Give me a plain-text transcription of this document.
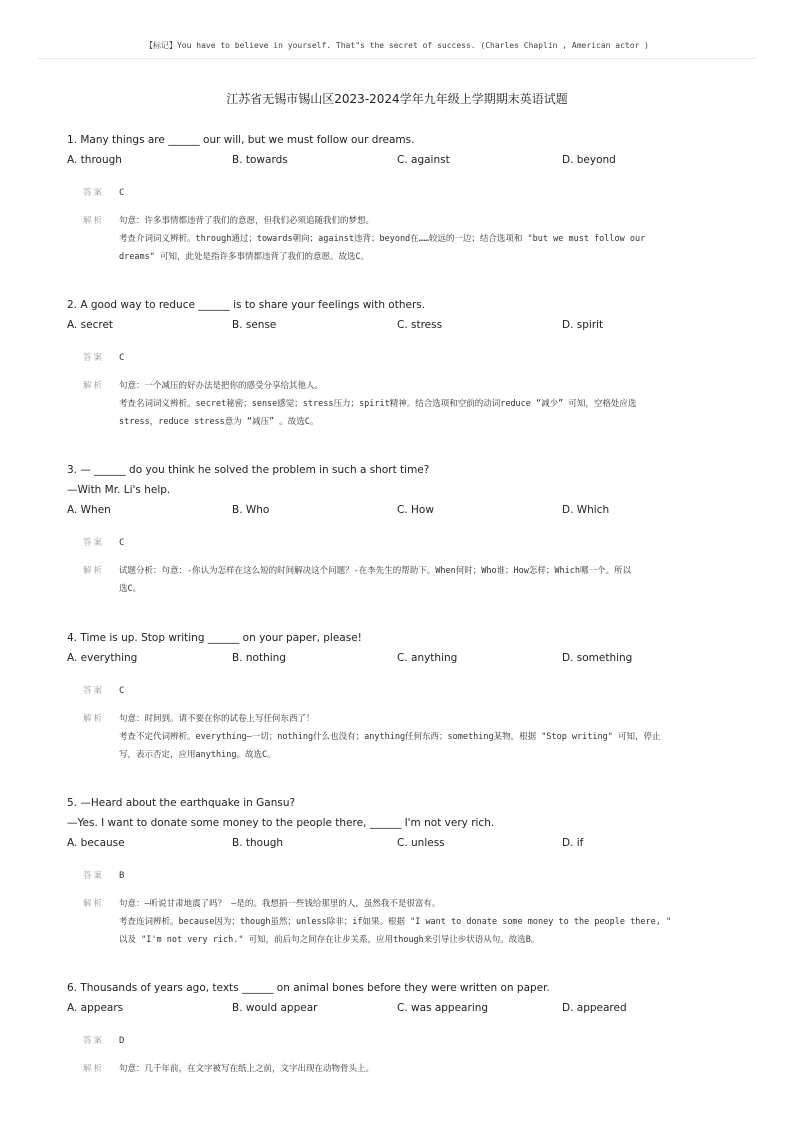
【标记】You have to believe in yourself. That"s the secret of success. (Charles Chaplin , American actor )
江苏省无锡市锡山区2023-2024学年九年级上学期期末英语试题
1. Many things are ______ our will, but we must follow our dreams.
A. through	B. towards	C. against	D. beyond
答案	C
解析	句意：许多事情都违背了我们的意愿，但我们必须追随我们的梦想。
考查介词词义辨析。through通过；towards朝向；against违背；beyond在……较远的一边；结合选项和 "but we must follow our
dreams" 可知，此处是指许多事情都违背了我们的意愿。故选C。
2. A good way to reduce ______ is to share your feelings with others.
A. secret	B. sense	C. stress	D. spirit
答案	C
解析	句意：一个减压的好办法是把你的感受分享给其他人。
考查名词词义辨析。secret秘密；sense感觉；stress压力；spirit精神。结合选项和空前的动词reduce “减少” 可知，空格处应选
stress，reduce stress意为 “减压” 。故选C。
3. — ______ do you think he solved the problem in such a short time?
—With Mr. Li's help.
A. When	B. Who	C. How	D. Which
答案	C
解析	试题分析：句意：-你认为怎样在这么短的时间解决这个问题？-在李先生的帮助下。When何时；Who谁；How怎样；Which哪一个。所以
选C。
4. Time is up. Stop writing ______ on your paper, please!
A. everything	B. nothing	C. anything	D. something
答案	C
解析	句意：时间到。请不要在你的试卷上写任何东西了！
考查不定代词辨析。everything—一切；nothing什么也没有；anything任何东西；something某物。根据 "Stop writing" 可知，停止
写，表示否定，应用anything。故选C。
5. —Heard about the earthquake in Gansu?
—Yes. I want to donate some money to the people there, ______ I'm not very rich.
A. because	B. though	C. unless	D. if
答案	B
解析	句意：—听说甘肃地震了吗？ —是的。我想捐一些钱给那里的人，虽然我不是很富有。
考查连词辨析。because因为；though虽然；unless除非；if如果。根据 "I want to donate some money to the people there, "
以及 "I'm not very rich." 可知，前后句之间存在让步关系，应用though来引导让步状语从句。故选B。
6. Thousands of years ago, texts ______ on animal bones before they were written on paper.
A. appears	B. would appear	C. was appearing	D. appeared
答案	D
解析	句意：几千年前，在文字被写在纸上之前，文字出现在动物骨头上。
